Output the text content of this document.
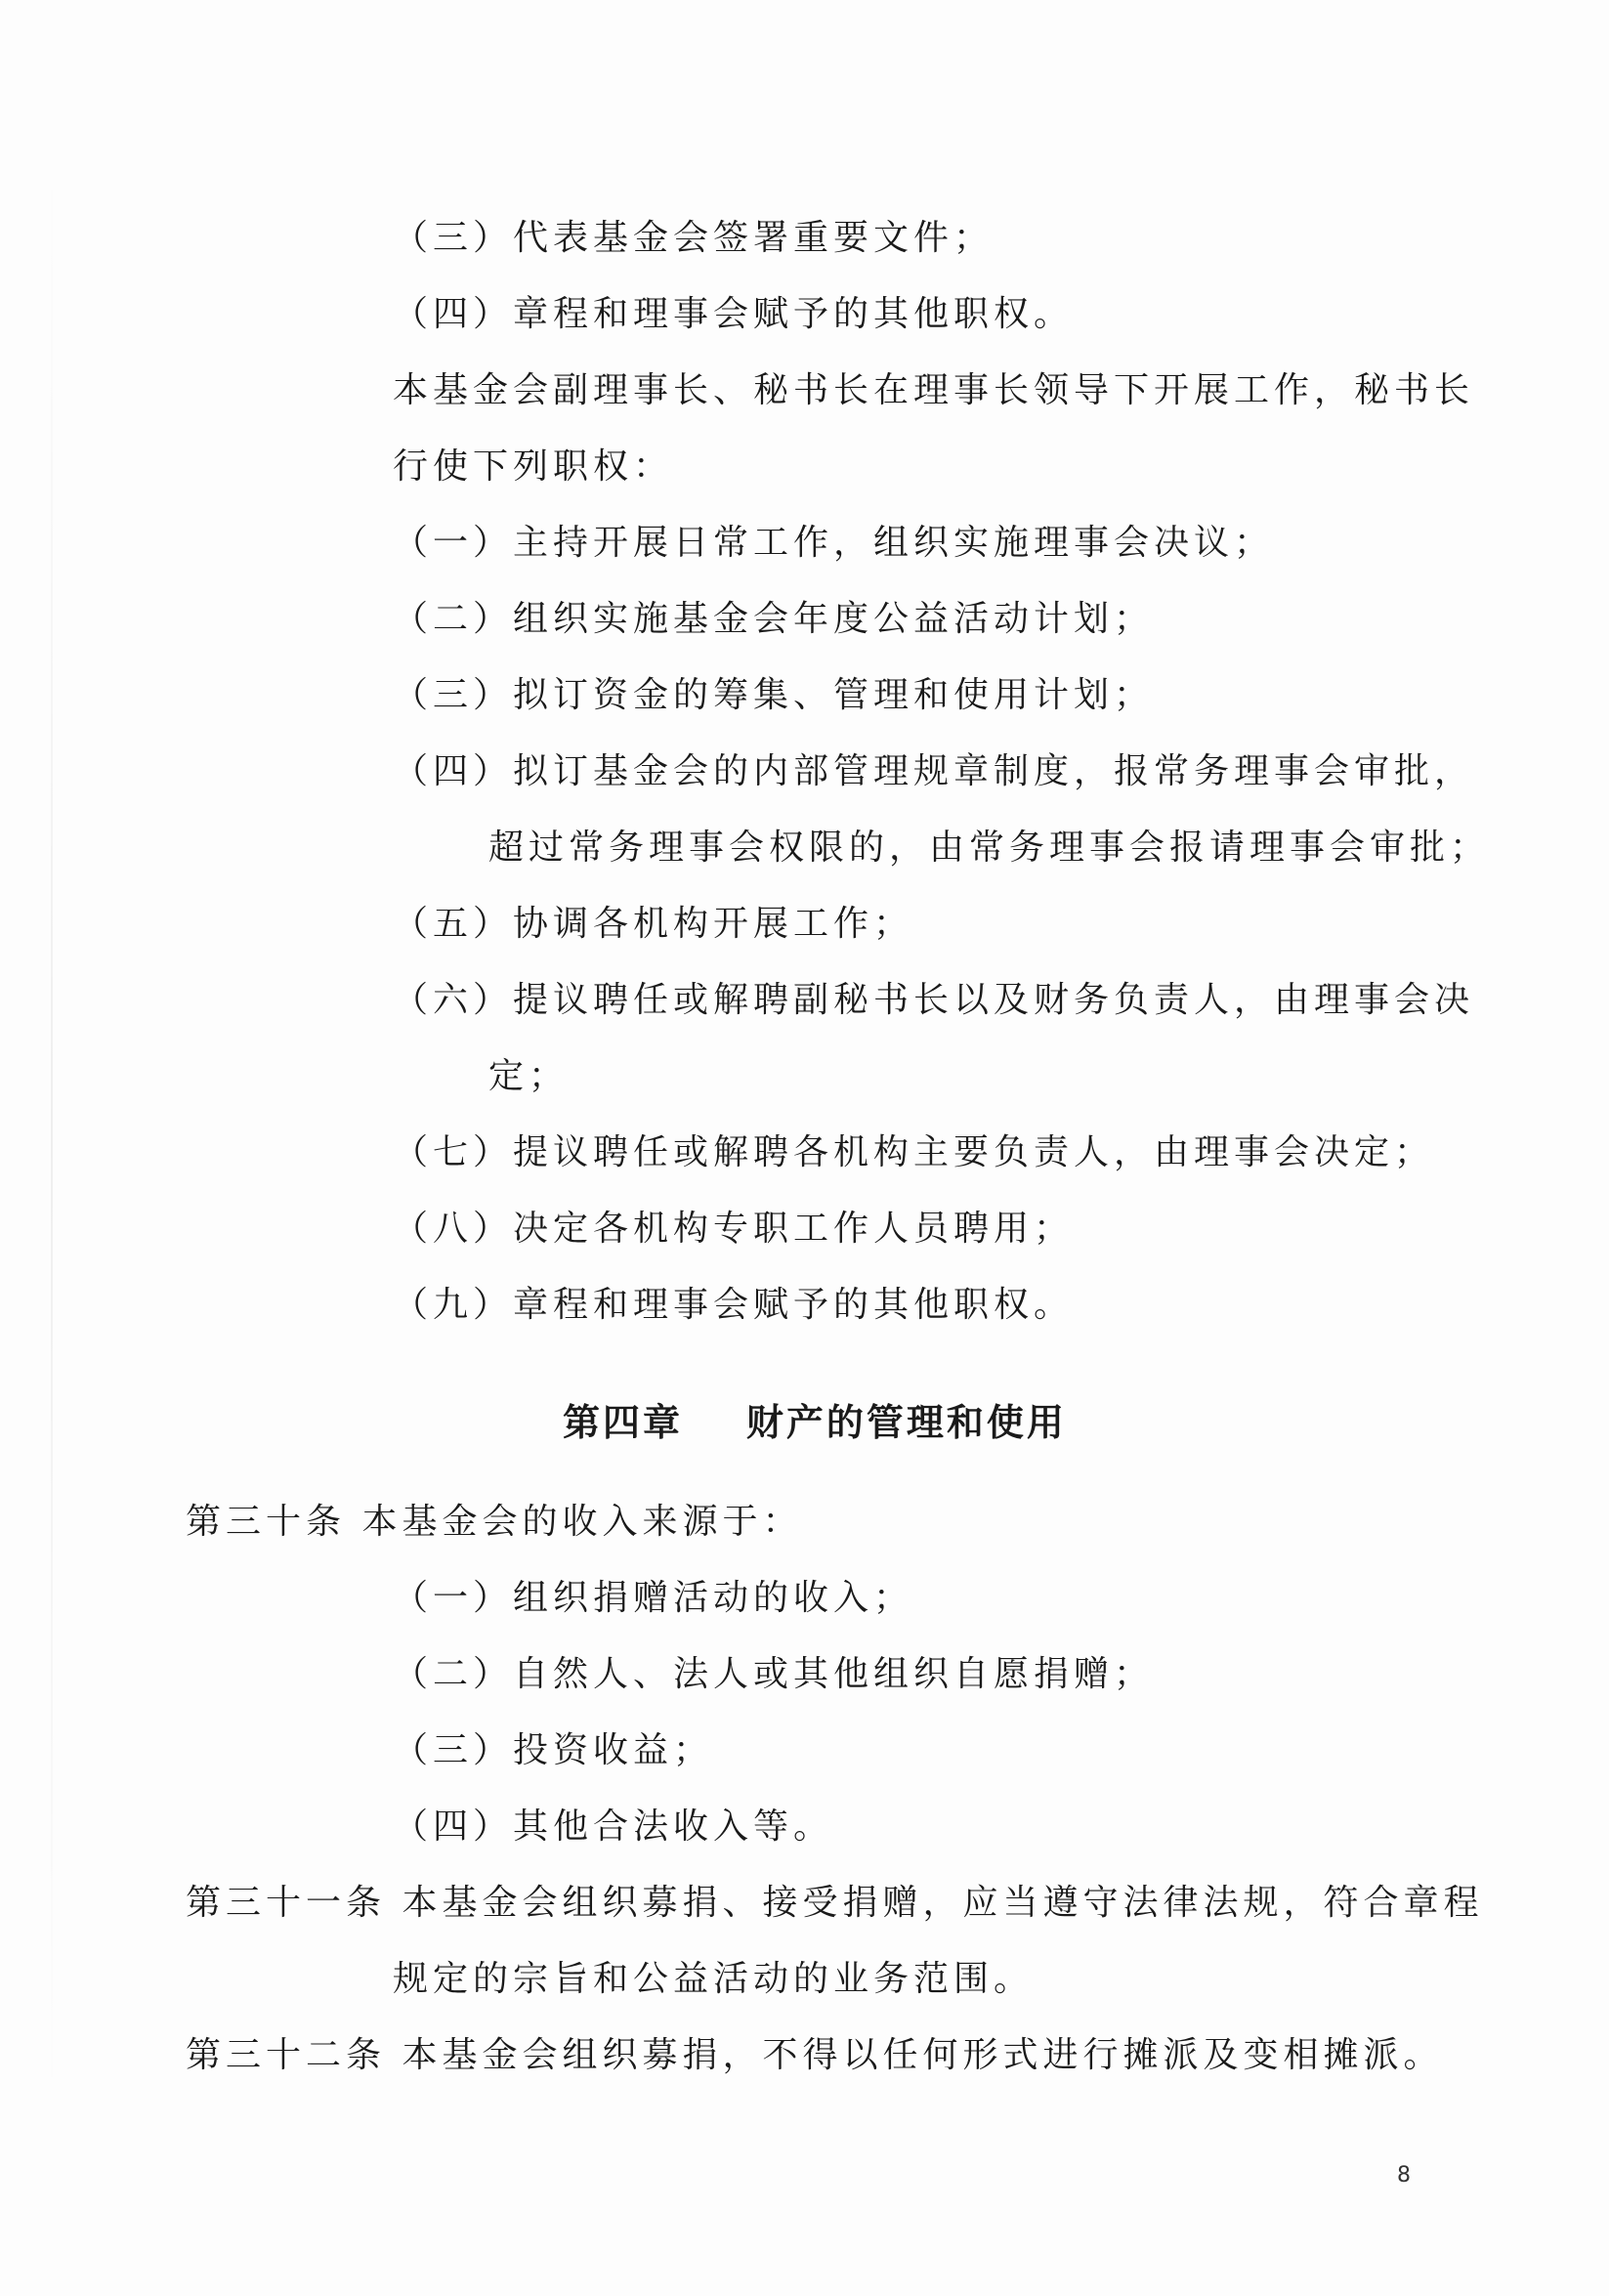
（三）代表基金会签署重要文件；
（四）章程和理事会赋予的其他职权。
本基金会副理事长、秘书长在理事长领导下开展工作，秘书长
行使下列职权：
（一）主持开展日常工作，组织实施理事会决议；
（二）组织实施基金会年度公益活动计划；
（三）拟订资金的筹集、管理和使用计划；
（四）拟订基金会的内部管理规章制度，报常务理事会审批，
超过常务理事会权限的，由常务理事会报请理事会审批；
（五）协调各机构开展工作；
（六）提议聘任或解聘副秘书长以及财务负责人，由理事会决
定；
（七）提议聘任或解聘各机构主要负责人，由理事会决定；
（八）决定各机构专职工作人员聘用；
（九）章程和理事会赋予的其他职权。
第四章    财产的管理和使用
第三十条 本基金会的收入来源于：
（一）组织捐赠活动的收入；
（二）自然人、法人或其他组织自愿捐赠；
（三）投资收益；
（四）其他合法收入等。
第三十一条 本基金会组织募捐、接受捐赠，应当遵守法律法规，符合章程
规定的宗旨和公益活动的业务范围。
第三十二条 本基金会组织募捐，不得以任何形式进行摊派及变相摊派。
8
